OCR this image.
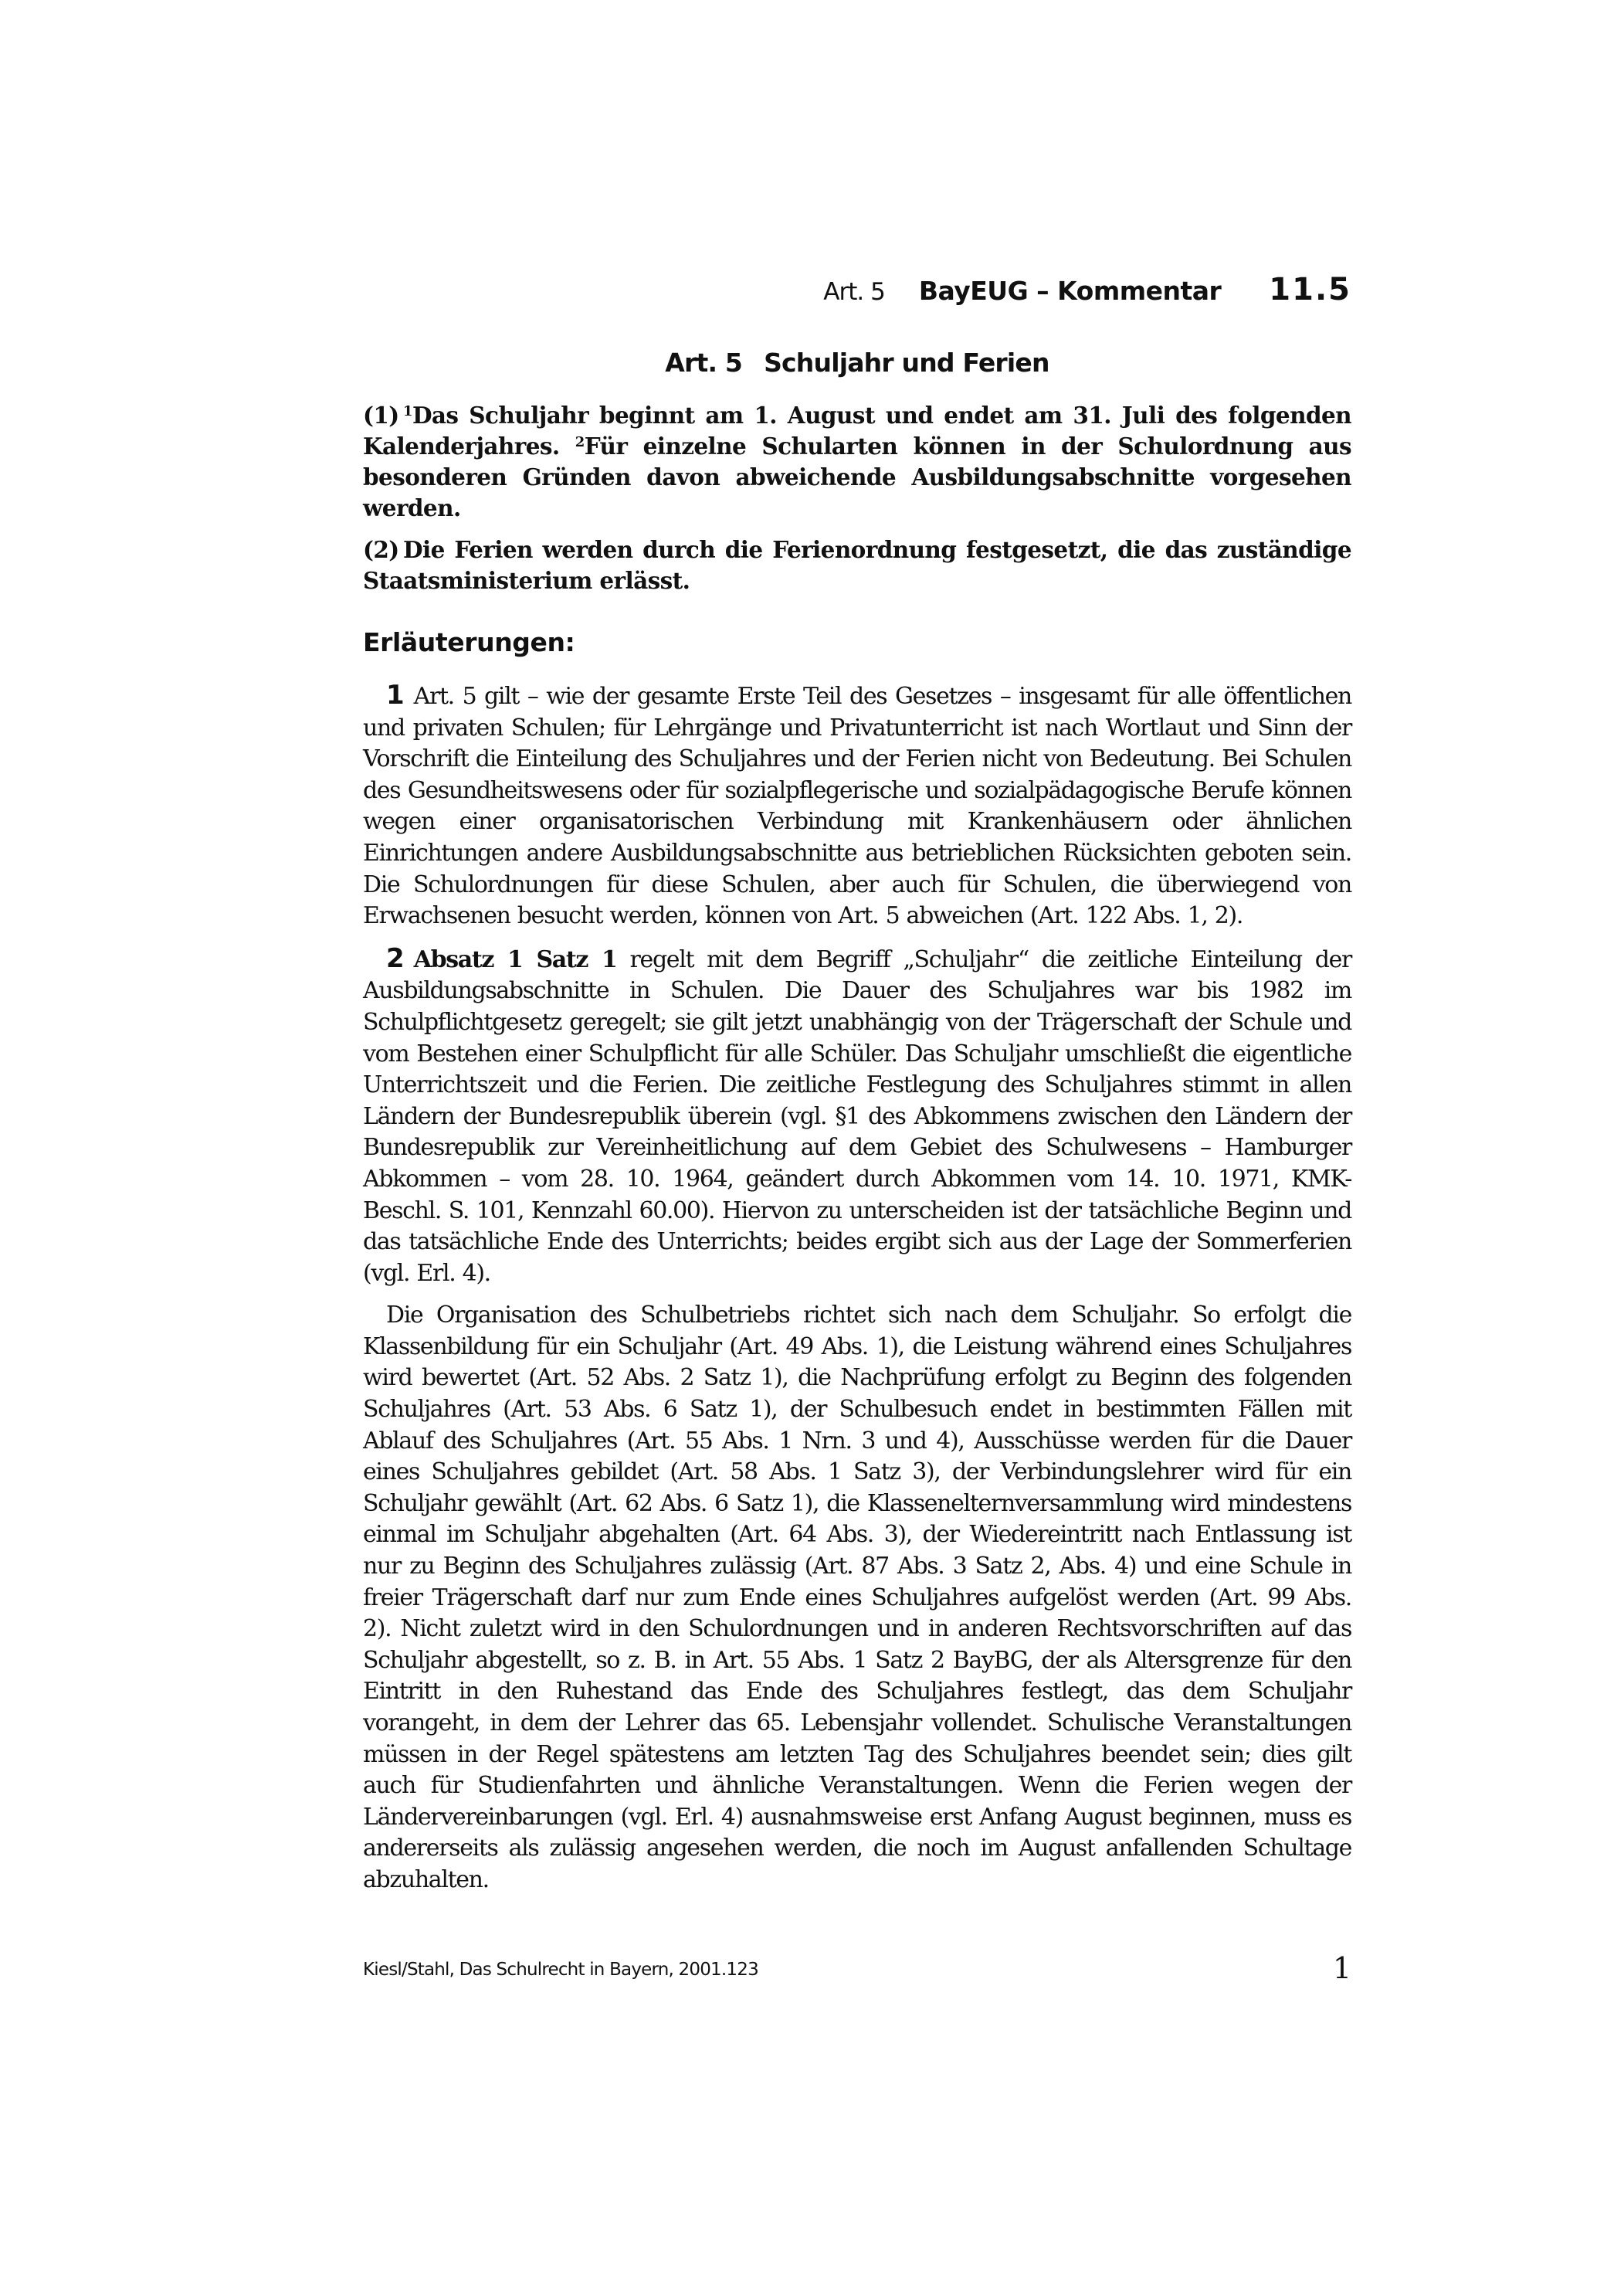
Art. 5 BayEUG – Kommentar 11.5
Art. 5 Schuljahr und Ferien

(1) $^1$Das Schuljahr beginnt am 1. August und endet am 31. Juli des folgenden Kalenderjahres. $^2$Für einzelne Schularten können in der Schulordnung aus besonderen Gründen davon abweichende Ausbildungsabschnitte vorgesehen werden.

(2) Die Ferien werden durch die Ferienordnung festgesetzt, die das zuständige Staatsministerium erlässt.

Erläuterungen:

1 Art. 5 gilt – wie der gesamte Erste Teil des Gesetzes – insgesamt für alle öffentlichen und privaten Schulen; für Lehrgänge und Privatunterricht ist nach Wortlaut und Sinn der Vorschrift die Einteilung des Schuljahres und der Ferien nicht von Bedeutung. Bei Schulen des Gesundheitswesens oder für sozialpflegerische und sozialpädagogische Berufe können wegen einer organisatorischen Verbindung mit Krankenhäusern oder ähnlichen Einrichtungen andere Ausbildungsabschnitte aus betrieblichen Rücksichten geboten sein. Die Schulordnungen für diese Schulen, aber auch für Schulen, die überwiegend von Erwachsenen besucht werden, können von Art. 5 abweichen (Art. 122 Abs. 1, 2).

2 Absatz 1 Satz 1 regelt mit dem Begriff „Schuljahr“ die zeitliche Einteilung der Ausbildungsabschnitte in Schulen. Die Dauer des Schuljahres war bis 1982 im Schulpflichtgesetz geregelt; sie gilt jetzt unabhängig von der Trägerschaft der Schule und vom Bestehen einer Schulpflicht für alle Schüler. Das Schuljahr umschließt die eigentliche Unterrichtszeit und die Ferien. Die zeitliche Festlegung des Schuljahres stimmt in allen Ländern der Bundesrepublik überein (vgl. §1 des Abkommens zwischen den Ländern der Bundesrepublik zur Vereinheitlichung auf dem Gebiet des Schulwesens – Hamburger Abkommen – vom 28. 10. 1964, geändert durch Abkommen vom 14. 10. 1971, KMK-Beschl. S. 101, Kennzahl 60.00). Hiervon zu unterscheiden ist der tatsächliche Beginn und das tatsächliche Ende des Unterrichts; beides ergibt sich aus der Lage der Sommerferien (vgl. Erl. 4).

Die Organisation des Schulbetriebs richtet sich nach dem Schuljahr. So erfolgt die Klassenbildung für ein Schuljahr (Art. 49 Abs. 1), die Leistung während eines Schuljahres wird bewertet (Art. 52 Abs. 2 Satz 1), die Nachprüfung erfolgt zu Beginn des folgenden Schuljahres (Art. 53 Abs. 6 Satz 1), der Schulbesuch endet in bestimmten Fällen mit Ablauf des Schuljahres (Art. 55 Abs. 1 Nrn. 3 und 4), Ausschüsse werden für die Dauer eines Schuljahres gebildet (Art. 58 Abs. 1 Satz 3), der Verbindungslehrer wird für ein Schuljahr gewählt (Art. 62 Abs. 6 Satz 1), die Klassenelternversammlung wird mindestens einmal im Schuljahr abgehalten (Art. 64 Abs. 3), der Wiedereintritt nach Entlassung ist nur zu Beginn des Schuljahres zulässig (Art. 87 Abs. 3 Satz 2, Abs. 4) und eine Schule in freier Trägerschaft darf nur zum Ende eines Schuljahres aufgelöst werden (Art. 99 Abs. 2). Nicht zuletzt wird in den Schulordnungen und in anderen Rechtsvorschriften auf das Schuljahr abgestellt, so z. B. in Art. 55 Abs. 1 Satz 2 BayBG, der als Altersgrenze für den Eintritt in den Ruhestand das Ende des Schuljahres festlegt, das dem Schuljahr vorangeht, in dem der Lehrer das 65. Lebensjahr vollendet. Schulische Veranstaltungen müssen in der Regel spätestens am letzten Tag des Schuljahres beendet sein; dies gilt auch für Studienfahrten und ähnliche Veranstaltungen. Wenn die Ferien wegen der Ländervereinbarungen (vgl. Erl. 4) ausnahmsweise erst Anfang August beginnen, muss es andererseits als zulässig angesehen werden, die noch im August anfallenden Schultage abzuhalten.

Kiesl/Stahl, Das Schulrecht in Bayern, 2001.123	1
